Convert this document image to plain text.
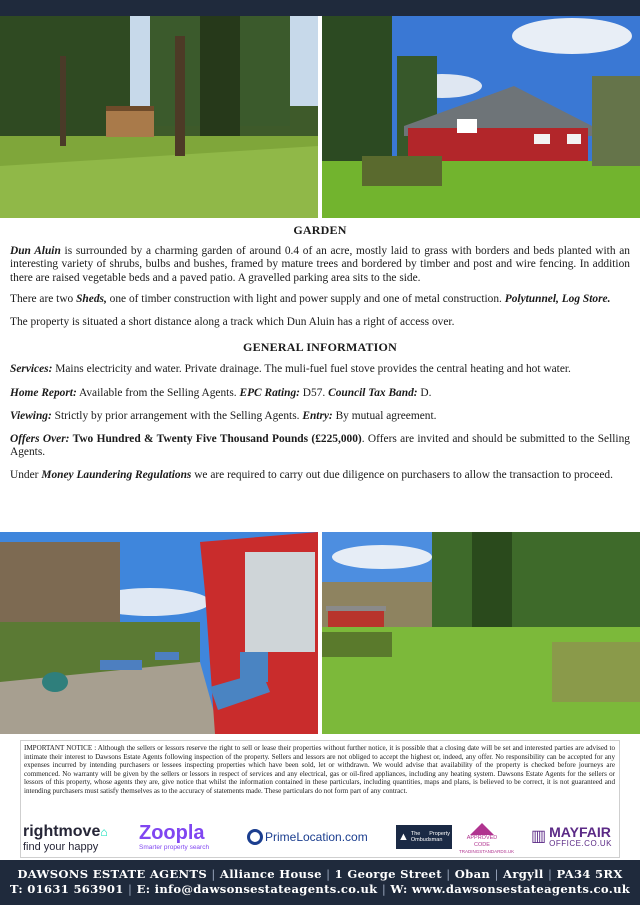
GARDEN

Dun Aluin is surrounded by a charming garden of around 0.4 of an acre, mostly laid to grass with borders and beds planted with an interesting variety of shrubs, bulbs and bushes, framed by mature trees and bordered by timber and post and wire fencing. In addition there are raised vegetable beds and a paved patio. A gravelled parking area sits to the side.

There are two Sheds, one of timber construction with light and power supply and one of metal construction. Polytunnel, Log Store.

The property is situated a short distance along a track which Dun Aluin has a right of access over.

GENERAL INFORMATION

Services: Mains electricity and water. Private drainage. The muli-fuel fuel stove provides the central heating and hot water.

Home Report: Available from the Selling Agents. EPC Rating: D57. Council Tax Band: D.

Viewing: Strictly by prior arrangement with the Selling Agents. Entry: By mutual agreement.

Offers Over: Two Hundred & Twenty Five Thousand Pounds (£225,000). Offers are invited and should be submitted to the Selling Agents.

Under Money Laundering Regulations we are required to carry out due diligence on purchasers to allow the transaction to proceed.

IMPORTANT NOTICE : Although the sellers or lessors reserve the right to sell or lease their properties without further notice, it is possible that a closing date will be set and interested parties are advised to intimate their interest to Dawsons Estate Agents following inspection of the property. Sellers and lessors are not obliged to accept the highest or, indeed, any offer. No responsibility can be accepted for any expenses incurred by intending purchasers or lessees inspecting properties which have been sold, let or withdrawn. We would advise that availability of the property is checked before journeys are commenced. No warranty will be given by the sellers or lessors in respect of services and any electrical, gas or oil-fired appliances, including any heating system. Dawsons Estate Agents for the sellers or lessors of this property, whose agents they are, give notice that whilst the information contained in these particulars, including quantities, maps and plans, is believed to be correct, it is not guaranteed and intending purchasers must satisfy themselves as to the accuracy of statements made. These particulars do not form part of any contract.
rightmove⌂
find your happy
Zoopla
Smarter property search
PrimeLocation.com	▲ The Property Ombudsman	APPROVED CODE
TRADINGSTANDARDS.UK
▥ MAYFAIR
OFFICE.CO.UK
DAWSONS ESTATE AGENTS | Alliance House | 1 George Street | Oban | Argyll | PA34 5RX
T: 01631 563901 | E: info@dawsonsestateagents.co.uk | W: www.dawsonsestateagents.co.uk
